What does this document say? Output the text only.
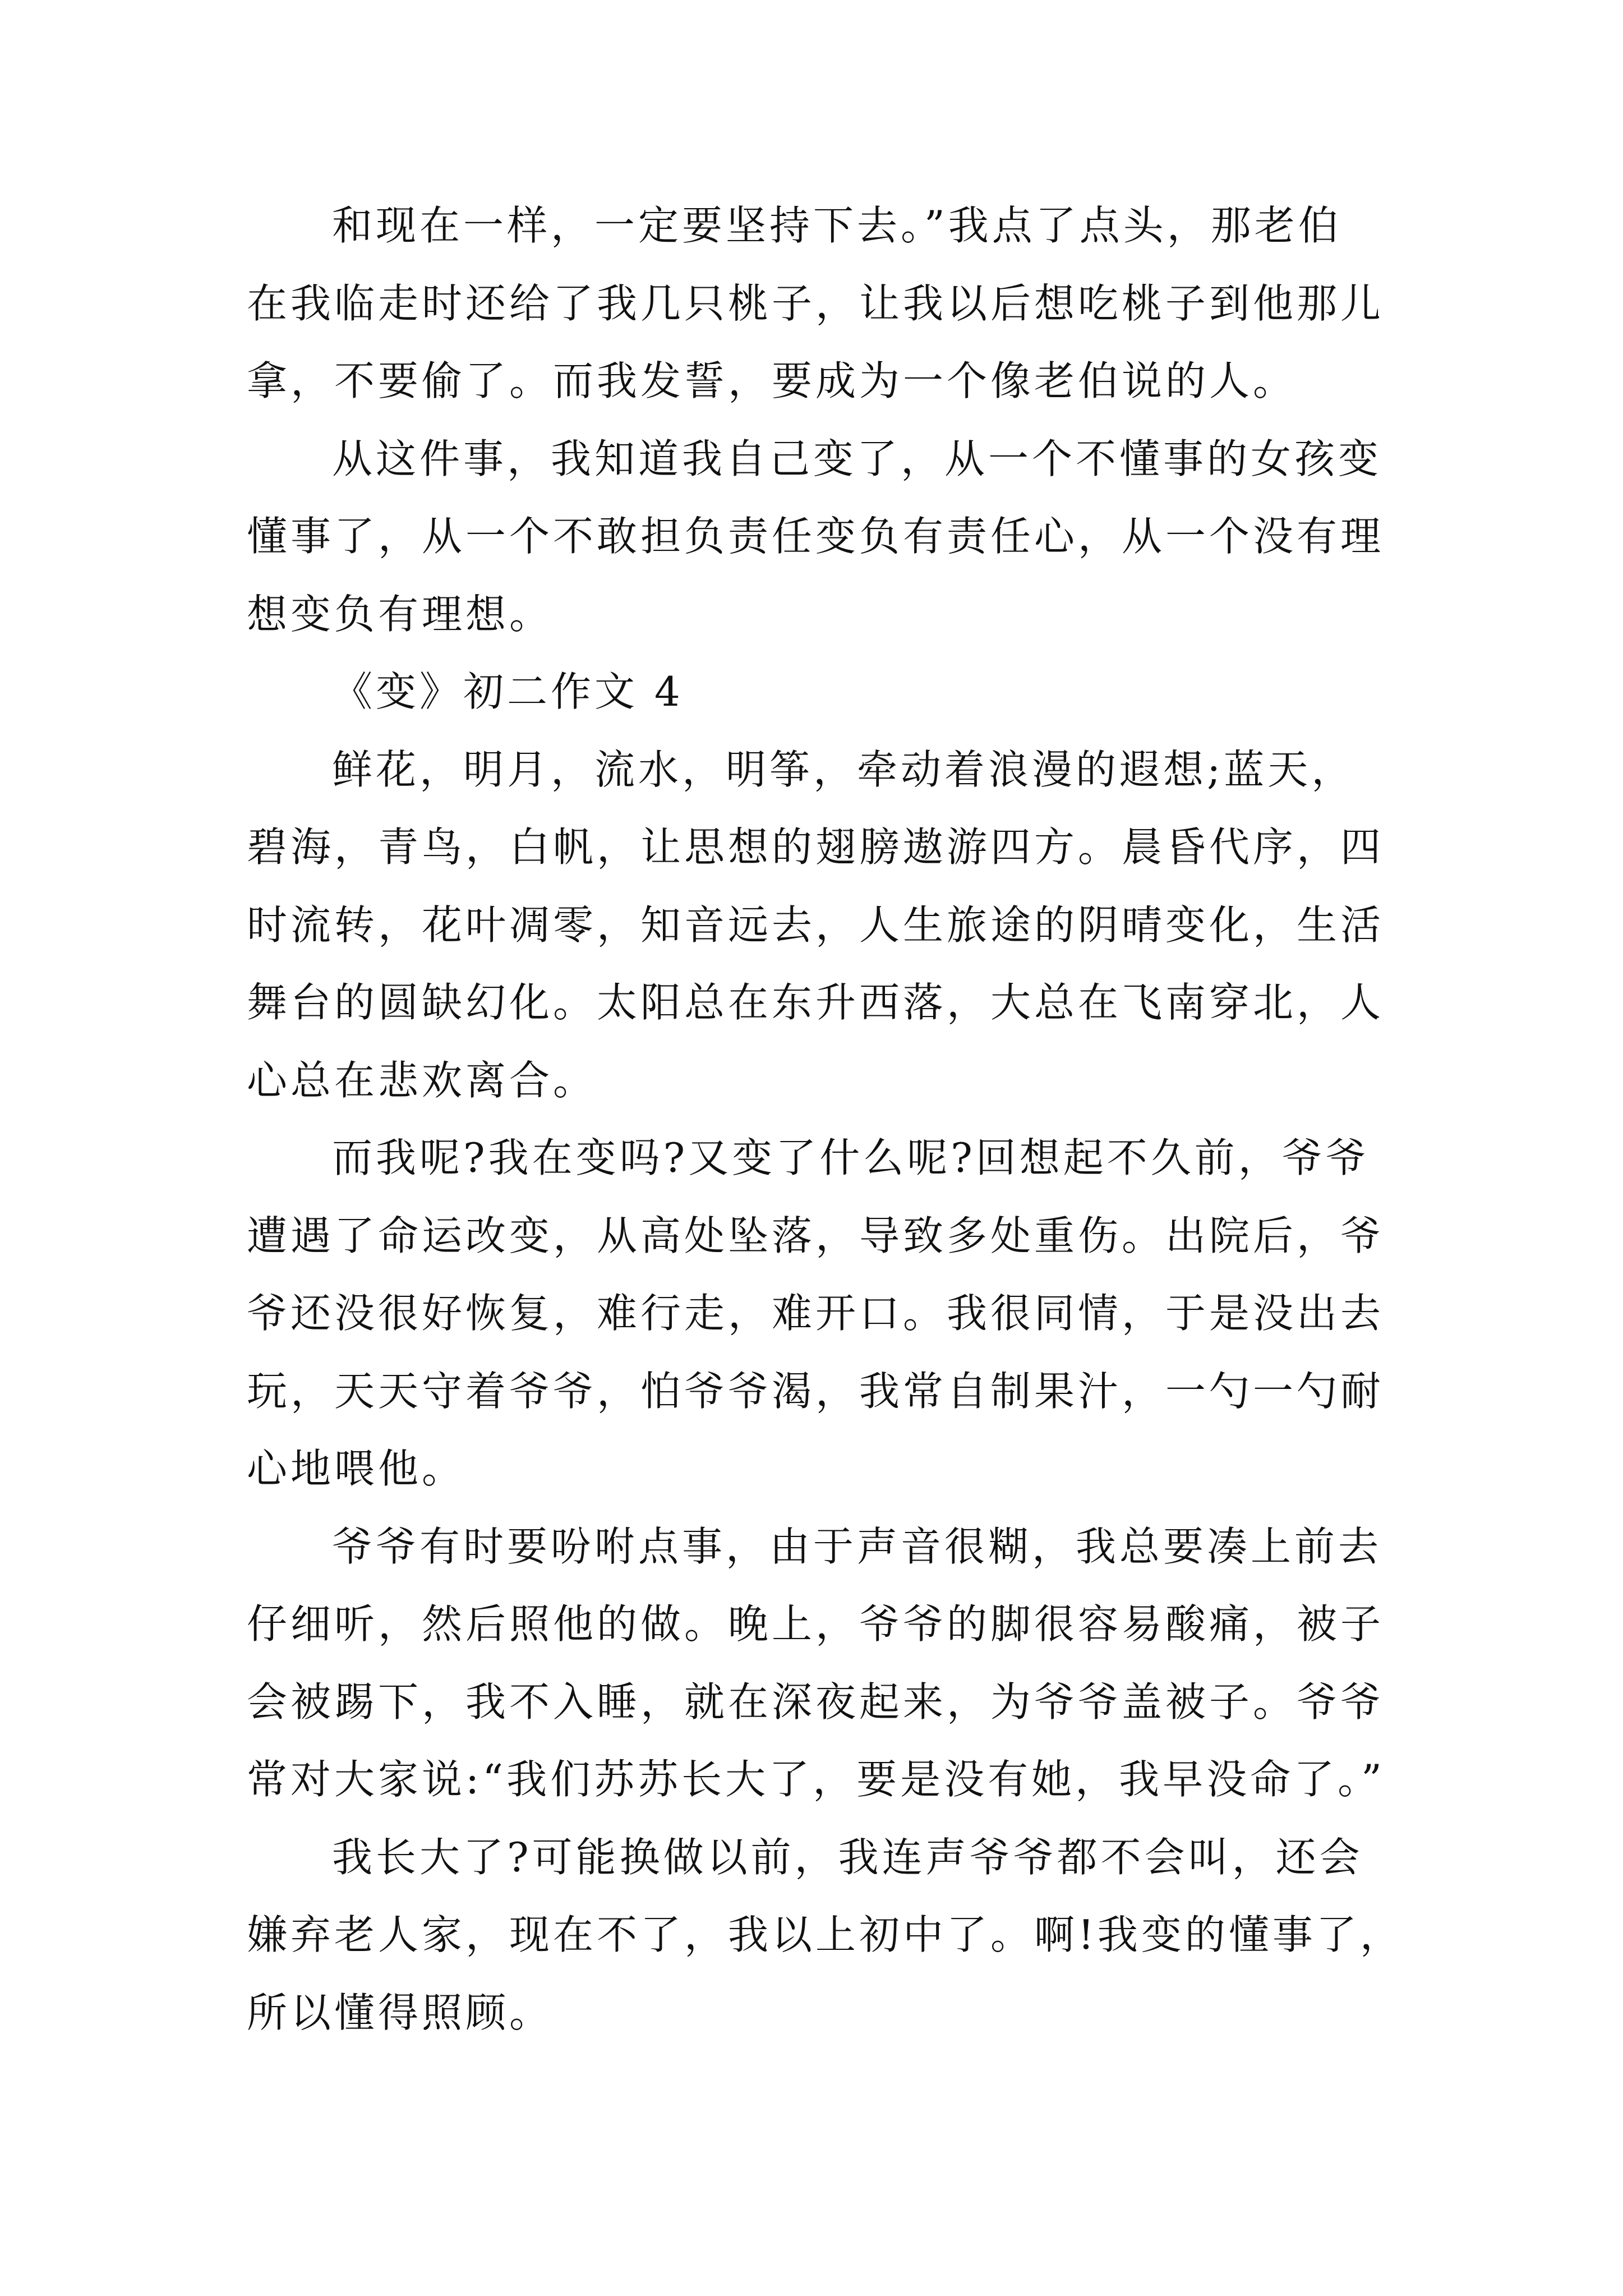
和现在一样，一定要坚持下去。”我点了点头，那老伯
在我临走时还给了我几只桃子，让我以后想吃桃子到他那儿
拿，不要偷了。而我发誓，要成为一个像老伯说的人。
从这件事，我知道我自己变了，从一个不懂事的女孩变
懂事了，从一个不敢担负责任变负有责任心，从一个没有理
想变负有理想。
《变》初二作文 4
鲜花，明月，流水，明筝，牵动着浪漫的遐想;蓝天，
碧海，青鸟，白帆，让思想的翅膀遨游四方。晨昏代序，四
时流转，花叶凋零，知音远去，人生旅途的阴晴变化，生活
舞台的圆缺幻化。太阳总在东升西落，大总在飞南穿北，人
心总在悲欢离合。
而我呢?我在变吗?又变了什么呢?回想起不久前，爷爷
遭遇了命运改变，从高处坠落，导致多处重伤。出院后，爷
爷还没很好恢复，难行走，难开口。我很同情，于是没出去
玩，天天守着爷爷，怕爷爷渴，我常自制果汁，一勺一勺耐
心地喂他。
爷爷有时要吩咐点事，由于声音很糊，我总要凑上前去
仔细听，然后照他的做。晚上，爷爷的脚很容易酸痛，被子
会被踢下，我不入睡，就在深夜起来，为爷爷盖被子。爷爷
常对大家说:“我们苏苏长大了，要是没有她，我早没命了。”
我长大了?可能换做以前，我连声爷爷都不会叫，还会
嫌弃老人家，现在不了，我以上初中了。啊!我变的懂事了，
所以懂得照顾。
